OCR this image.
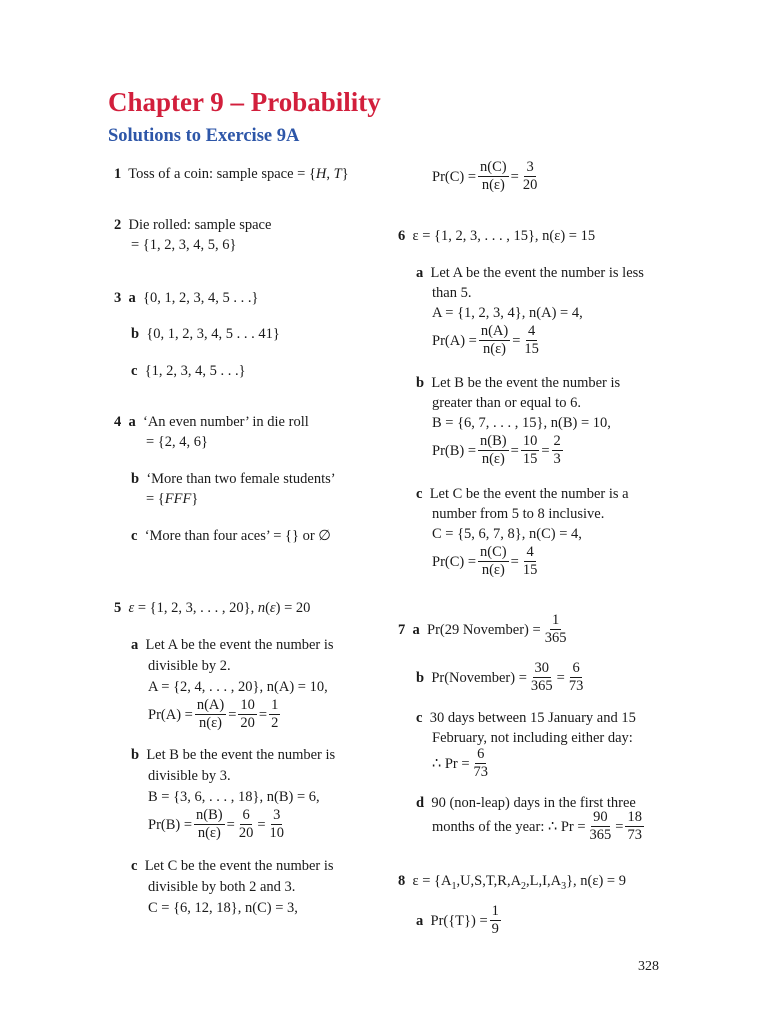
Chapter 9 – Probability
Solutions to Exercise 9A
1 Toss of a coin: sample space = {H, T}
2 Die rolled: sample space
= {1, 2, 3, 4, 5, 6}
3 a {0, 1, 2, 3, 4, 5 . . .}
b {0, 1, 2, 3, 4, 5 . . . 41}
c {1, 2, 3, 4, 5 . . .}
4 a ‘An even number’ in die roll
= {2, 4, 6}
b ‘More than two female students’
= {FFF}
c ‘More than four aces’ = {} or ∅
5 ε = {1, 2, 3, . . . , 20}, n(ε) = 20
a Let A be the event the number is
divisible by 2.
A = {2, 4, . . . , 20}, n(A) = 10,
$Pr(A) = \frac{n(A)}{n(\varepsilon)} = \frac{10}{20} = \frac{1}{2}$
b Let B be the event the number is
divisible by 3.
B = {3, 6, . . . , 18}, n(B) = 6,
$Pr(B) = \frac{n(B)}{n(\varepsilon)} = \frac{6}{20} = \frac{3}{10}$
c Let C be the event the number is
divisible by both 2 and 3.
C = {6, 12, 18}, n(C) = 3,
$Pr(C) = \frac{n(C)}{n(\varepsilon)} = \frac{3}{20}$
6 ε = {1, 2, 3, . . . , 15}, n(ε) = 15
a Let A be the event the number is less
than 5.
A = {1, 2, 3, 4}, n(A) = 4,
$Pr(A) = \frac{n(A)}{n(\varepsilon)} = \frac{4}{15}$
b Let B be the event the number is
greater than or equal to 6.
B = {6, 7, . . . , 15}, n(B) = 10,
$Pr(B) = \frac{n(B)}{n(\varepsilon)} = \frac{10}{15} = \frac{2}{3}$
c Let C be the event the number is a
number from 5 to 8 inclusive.
C = {5, 6, 7, 8}, n(C) = 4,
$Pr(C) = \frac{n(C)}{n(\varepsilon)} = \frac{4}{15}$
7
a
Pr(29 November) = $\frac{1}{365}$
b
Pr(November) = $\frac{30}{365} = \frac{6}{73}$
c 30 days between 15 January and 15
February, not including either day:
∴ $Pr = \frac{6}{73}$
d 90 (non-leap) days in the first three
months of the year: ∴ $Pr = \frac{90}{365} = \frac{18}{73}$
8 $\varepsilon = \{A_1,U,S,T,R,A_2,L,I,A_3\}$, n(ε) = 9
a
$Pr(\{T\}) = \frac{1}{9}$
328
